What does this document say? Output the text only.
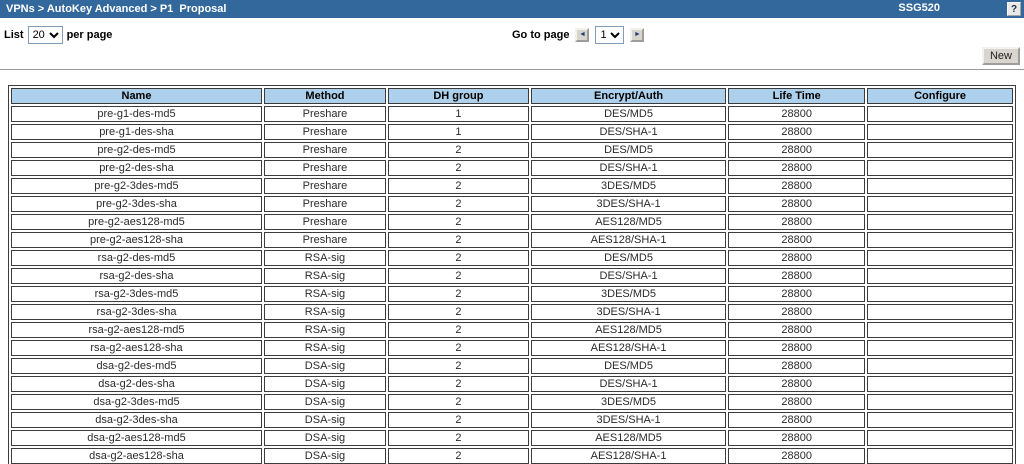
VPNs > AutoKey Advanced > P1  Proposal	SSG520	?
List
20	per page	Go to page	◄
1	►
New
Name	Method	DH group	Encrypt/Auth	Life Time	Configure
pre-g1-des-md5	Preshare	1	DES/MD5	28800	
pre-g1-des-sha	Preshare	1	DES/SHA-1	28800	
pre-g2-des-md5	Preshare	2	DES/MD5	28800	
pre-g2-des-sha	Preshare	2	DES/SHA-1	28800	
pre-g2-3des-md5	Preshare	2	3DES/MD5	28800	
pre-g2-3des-sha	Preshare	2	3DES/SHA-1	28800	
pre-g2-aes128-md5	Preshare	2	AES128/MD5	28800	
pre-g2-aes128-sha	Preshare	2	AES128/SHA-1	28800	
rsa-g2-des-md5	RSA-sig	2	DES/MD5	28800	
rsa-g2-des-sha	RSA-sig	2	DES/SHA-1	28800	
rsa-g2-3des-md5	RSA-sig	2	3DES/MD5	28800	
rsa-g2-3des-sha	RSA-sig	2	3DES/SHA-1	28800	
rsa-g2-aes128-md5	RSA-sig	2	AES128/MD5	28800	
rsa-g2-aes128-sha	RSA-sig	2	AES128/SHA-1	28800	
dsa-g2-des-md5	DSA-sig	2	DES/MD5	28800	
dsa-g2-des-sha	DSA-sig	2	DES/SHA-1	28800	
dsa-g2-3des-md5	DSA-sig	2	3DES/MD5	28800	
dsa-g2-3des-sha	DSA-sig	2	3DES/SHA-1	28800	
dsa-g2-aes128-md5	DSA-sig	2	AES128/MD5	28800	
dsa-g2-aes128-sha	DSA-sig	2	AES128/SHA-1	28800	
